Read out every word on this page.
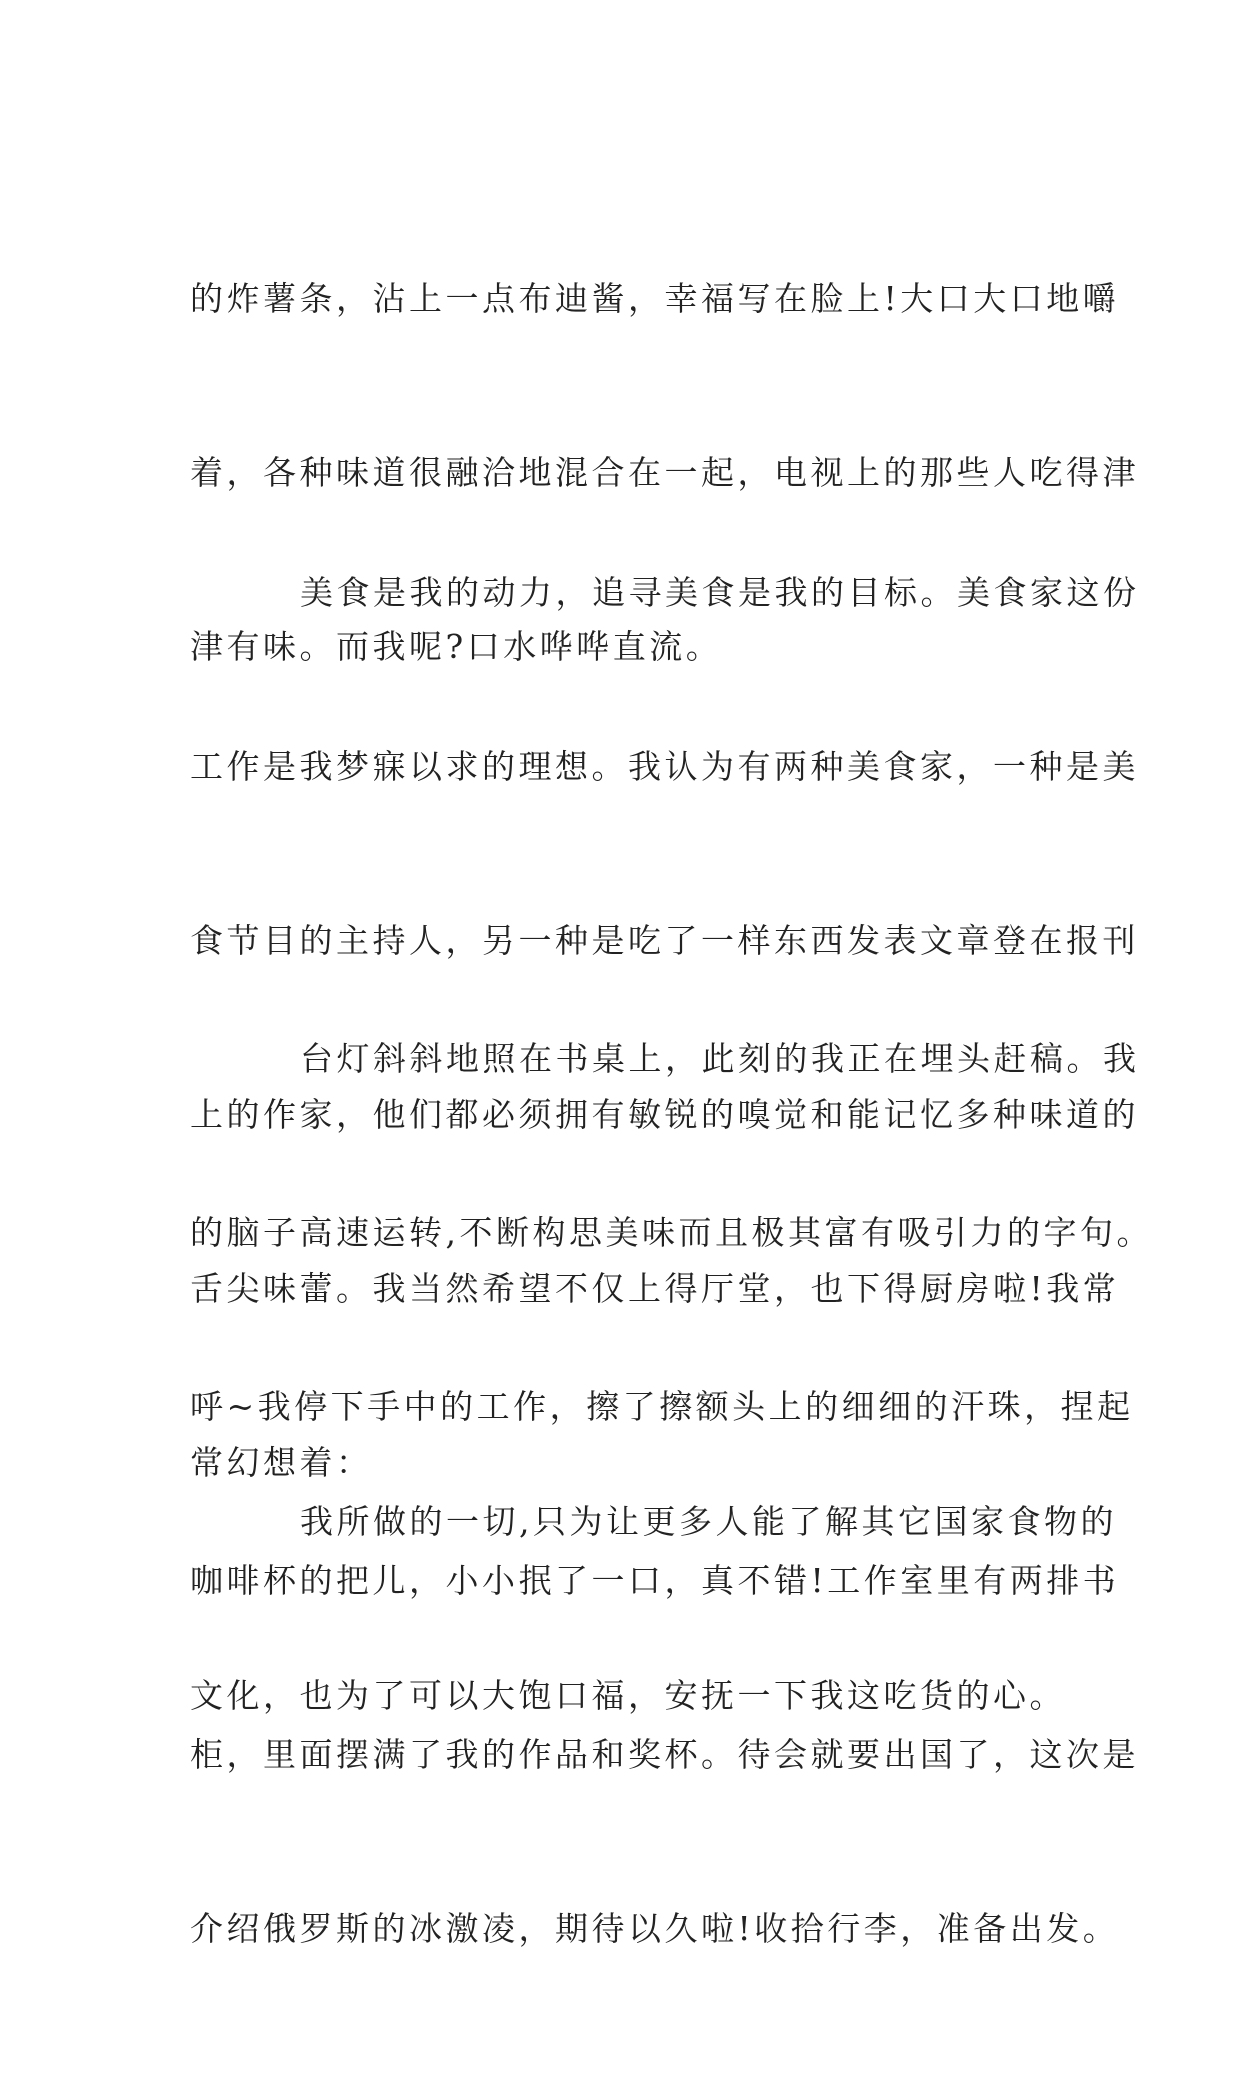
的炸薯条，沾上一点布迪酱，幸福写在脸上!大口大口地嚼

着，各种味道很融洽地混合在一起，电视上的那些人吃得津

津有味。而我呢?口水哗哗直流。

美食是我的动力，追寻美食是我的目标。美食家这份

工作是我梦寐以求的理想。我认为有两种美食家，一种是美

食节目的主持人，另一种是吃了一样东西发表文章登在报刊

上的作家，他们都必须拥有敏锐的嗅觉和能记忆多种味道的

舌尖味蕾。我当然希望不仅上得厅堂，也下得厨房啦!我常

常幻想着：

台灯斜斜地照在书桌上，此刻的我正在埋头赶稿。我

的脑子高速运转,不断构思美味而且极其富有吸引力的字句。

呼~我停下手中的工作，擦了擦额头上的细细的汗珠，捏起

咖啡杯的把儿，小小抿了一口，真不错!工作室里有两排书

柜，里面摆满了我的作品和奖杯。待会就要出国了，这次是

介绍俄罗斯的冰激凌，期待以久啦!收拾行李，准备出发。

我所做的一切,只为让更多人能了解其它国家食物的

文化，也为了可以大饱口福，安抚一下我这吃货的心。
